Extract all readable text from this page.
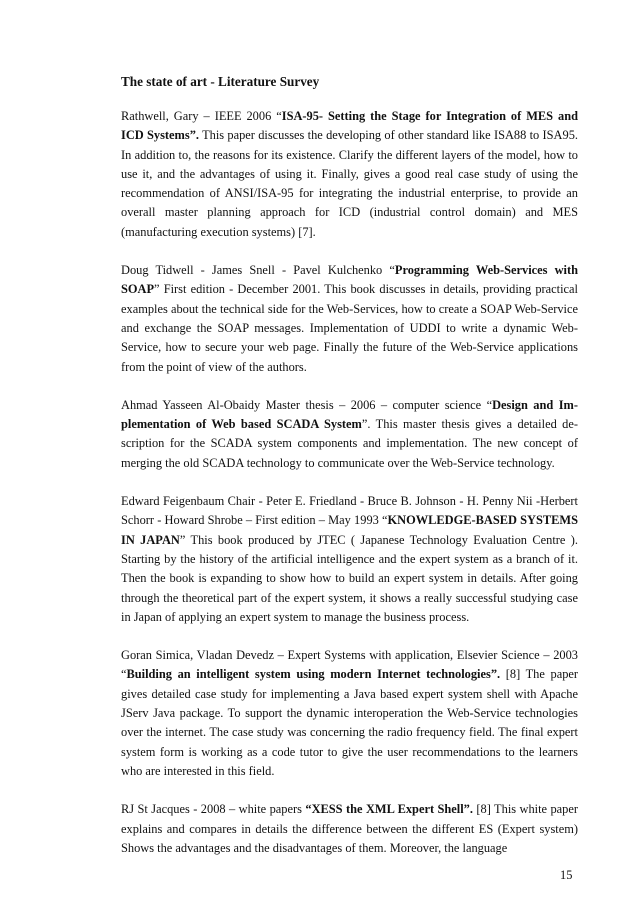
The state of art - Literature Survey

Rathwell, Gary – IEEE 2006 “ISA-95- Setting the Stage for Integration of MES and ICD Systems”. This paper discusses the developing of other standard like ISA88 to ISA95. In addition to, the reasons for its existence. Clarify the different layers of the model, how to use it, and the advantages of using it. Finally, gives a good real case study of using the recommendation of ANSI/ISA-95 for integrating the industrial enterprise, to provide an overall master planning approach for ICD (industrial control domain) and MES (manufacturing execution systems) [7].

Doug Tidwell - James Snell - Pavel Kulchenko “Programming Web-Services with SOAP” First edition - December 2001. This book discusses in details, providing practical examples about the technical side for the Web-Services, how to create a SOAP Web-Service and exchange the SOAP messages. Implementation of UDDI to write a dynamic Web-Service, how to secure your web page. Finally the future of the Web-Service applications from the point of view of the authors.

Ahmad Yasseen Al-Obaidy Master thesis – 2006 – computer science “Design and Implementation of Web based SCADA System”. This master thesis gives a detailed description for the SCADA system components and implementation. The new concept of merging the old SCADA technology to communicate over the Web-Service technology.

Edward Feigenbaum Chair - Peter E. Friedland - Bruce B. Johnson - H. Penny Nii -Herbert Schorr - Howard Shrobe – First edition – May 1993 “KNOWLEDGE-BASED SYSTEMS IN JAPAN” This book produced by JTEC ( Japanese Technology Evaluation Centre ). Starting by the history of the artificial intelligence and the expert system as a branch of it. Then the book is expanding to show how to build an expert system in details. After going through the theoretical part of the expert system, it shows a really successful studying case in Japan of applying an expert system to manage the business process.

Goran Simica, Vladan Devedz – Expert Systems with application, Elsevier Science – 2003 “Building an intelligent system using modern Internet technologies”. [8] The paper gives detailed case study for implementing a Java based expert system shell with Apache JServ Java package. To support the dynamic interoperation the Web-Service technologies over the internet. The case study was concerning the radio frequency field. The final expert system form is working as a code tutor to give the user recommendations to the learners who are interested in this field.

RJ St Jacques - 2008 – white papers “XESS the XML Expert Shell”. [8] This white paper explains and compares in details the difference between the different ES (Expert system) Shows the advantages and the disadvantages of them. Moreover, the language

15
